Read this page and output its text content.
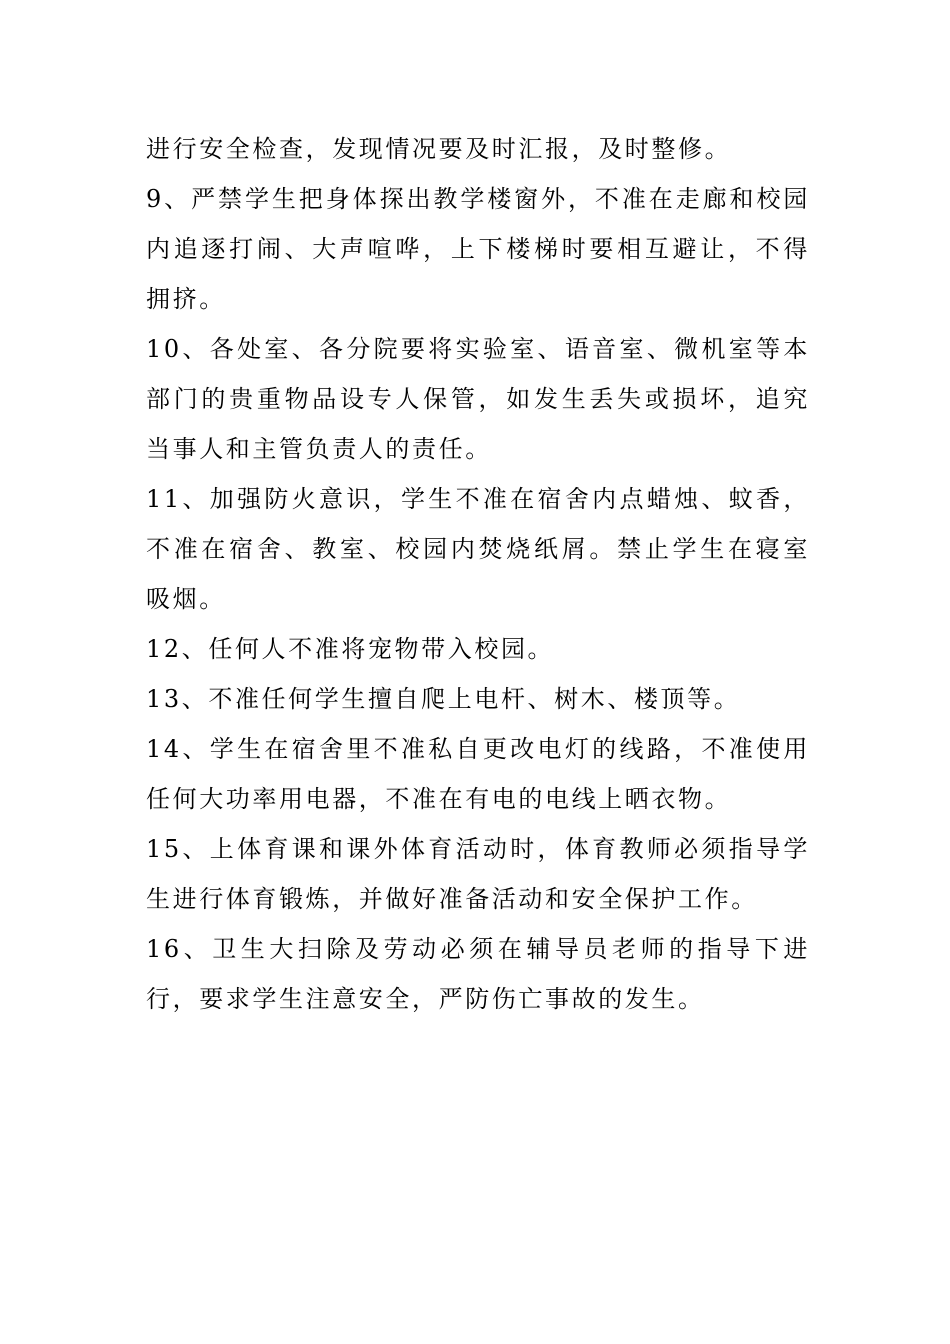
进行安全检查，发现情况要及时汇报，及时整修。

9、严禁学生把身体探出教学楼窗外，不准在走廊和校园内追逐打闹、大声喧哗，上下楼梯时要相互避让，不得拥挤。

10、各处室、各分院要将实验室、语音室、微机室等本部门的贵重物品设专人保管，如发生丢失或损坏，追究当事人和主管负责人的责任。

11、加强防火意识，学生不准在宿舍内点蜡烛、蚊香，不准在宿舍、教室、校园内焚烧纸屑。禁止学生在寝室吸烟。

12、任何人不准将宠物带入校园。

13、不准任何学生擅自爬上电杆、树木、楼顶等。

14、学生在宿舍里不准私自更改电灯的线路，不准使用任何大功率用电器，不准在有电的电线上晒衣物。

15、上体育课和课外体育活动时，体育教师必须指导学生进行体育锻炼，并做好准备活动和安全保护工作。

16、卫生大扫除及劳动必须在辅导员老师的指导下进行，要求学生注意安全，严防伤亡事故的发生。
